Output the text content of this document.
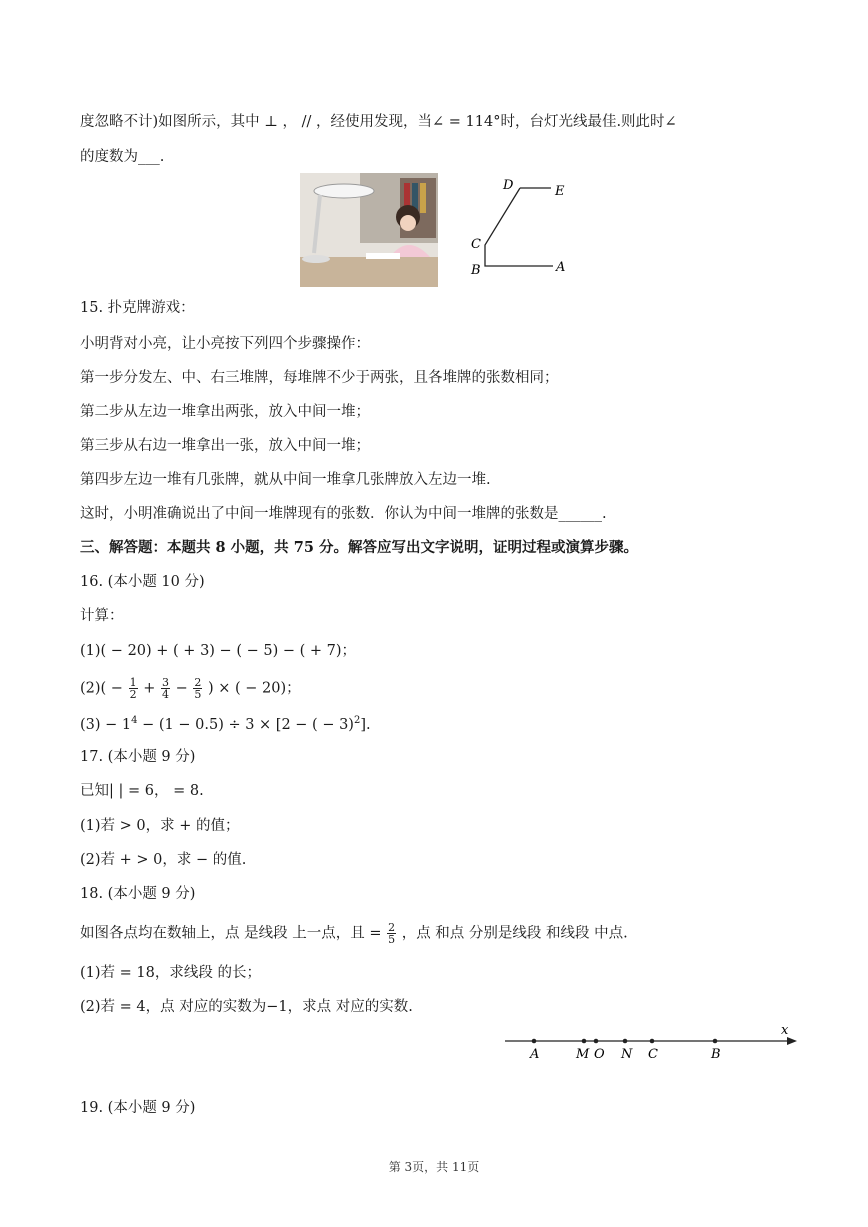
度忽略不计)如图所示，其中 ⊥ ， // ，经使用发现，当∠ = 114°时，台灯光线最佳.则此时∠
的度数为___.
D	E
C
B	A
15. 扑克牌游戏：
小明背对小亮，让小亮按下列四个步骤操作：
第一步分发左、中、右三堆牌，每堆牌不少于两张，且各堆牌的张数相同；
第二步从左边一堆拿出两张，放入中间一堆；
第三步从右边一堆拿出一张，放入中间一堆；
第四步左边一堆有几张牌，就从中间一堆拿几张牌放入左边一堆.
这时，小明准确说出了中间一堆牌现有的张数．你认为中间一堆牌的张数是______.
三、解答题：本题共 8 小题，共 75 分。解答应写出文字说明，证明过程或演算步骤。
16. (本小题 10 分)
计算：
(1)( − 20) + ( + 3) − ( − 5) − ( + 7)；
$(2)( - \frac{1}{2} + \frac{3}{4} - \frac{2}{5}$ ) × ( − 20)；
$(3) - 1^4 - (1 - 0.5) \div 3 \times [2$ − ( − 3)$^2$].
17. (本小题 9 分)
已知| | = 6， = 8.
(1)若 > 0，求 + 的值；
(2)若 + > 0，求 − 的值.
18. (本小题 9 分)
如图各点均在数轴上，点 是线段 上一点，且 = $\frac{2}{5}$ ，点 和点 分别是线段 和线段 中点.
(1)若 = 18，求线段 的长；
(2)若 = 4，点 对应的实数为−1，求点 对应的实数.
x
A	M O N C	B
19. (本小题 9 分)
第 3页，共 11页
